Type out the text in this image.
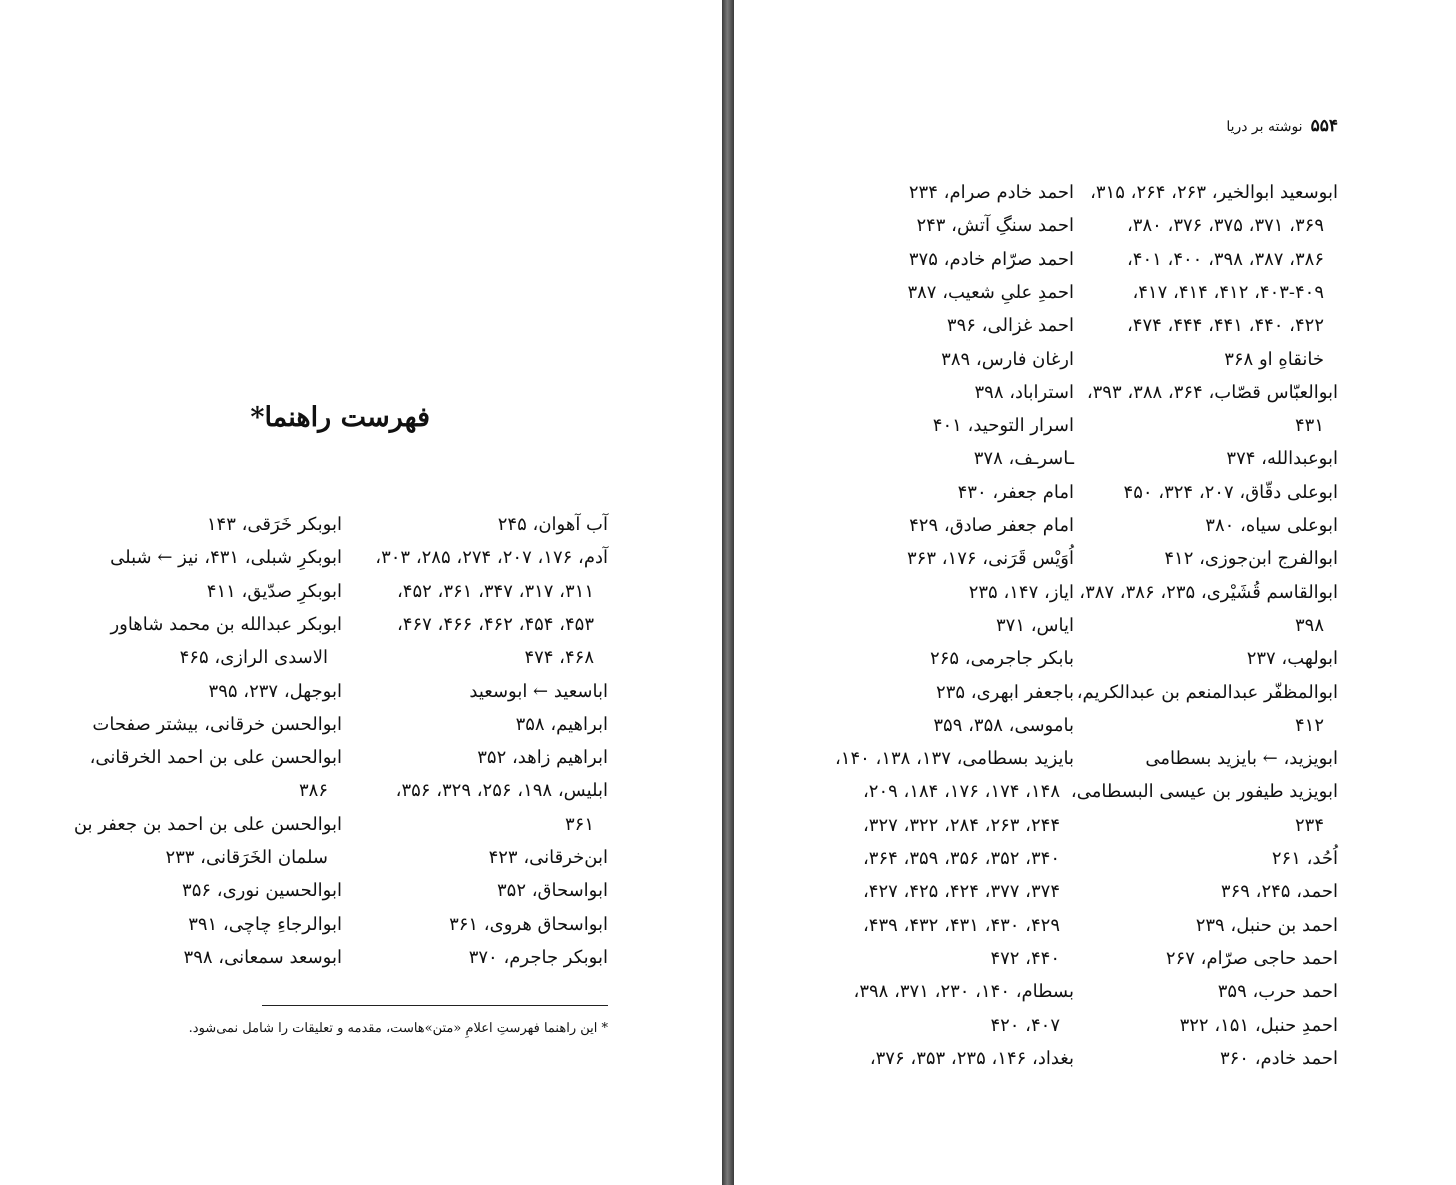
فهرست راهنما*
آب آهوان، ۲۴۵
آدم، ۱۷۶، ۲۰۷، ۲۷۴، ۲۸۵، ۳۰۳،
۳۱۱، ۳۱۷، ۳۴۷، ۳۶۱، ۴۵۲،
۴۵۳، ۴۵۴، ۴۶۲، ۴۶۶، ۴۶۷،
۴۶۸، ۴۷۴
اباسعید ← ابوسعید
ابراهیم، ۳۵۸
ابراهیم زاهد، ۳۵۲
ابلیس، ۱۹۸، ۲۵۶، ۳۲۹، ۳۵۶،
۳۶۱
ابن‌خرقانی، ۴۲۳
ابواسحاق، ۳۵۲
ابواسحاق هروی، ۳۶۱
ابوبکر جاجرم، ۳۷۰
ابوبکر خَرَقی، ۱۴۳
ابوبکرِ شبلی، ۴۳۱، نیز ← شبلی
ابوبکرِ صدّیق، ۴۱۱
ابوبکر عبدالله بن محمد شاهاور
الاسدی الرازی، ۴۶۵
ابوجهل، ۲۳۷، ۳۹۵
ابوالحسن خرقانی، بیشتر صفحات
ابوالحسن علی بن احمد الخرقانی،
۳۸۶
ابوالحسن علی بن احمد بن جعفر بن
سلمان الخَرَقانی، ۲۳۳
ابوالحسین نوری، ۳۵۶
ابوالرجاءِ چاچی، ۳۹۱
ابوسعد سمعانی، ۳۹۸
* این راهنما فهرستِ اعلامِ «متن»هاست، مقدمه و تعلیقات را شامل نمی‌شود.
۵۵۴نوشته بر دریا
ابوسعید ابوالخیر، ۲۶۳، ۲۶۴، ۳۱۵،
۳۶۹، ۳۷۱، ۳۷۵، ۳۷۶، ۳۸۰،
۳۸۶، ۳۸۷، ۳۹۸، ۴۰۰، ۴۰۱،
۴۰۳-۴۰۹، ۴۱۲، ۴۱۴، ۴۱۷،
۴۲۲، ۴۴۰، ۴۴۱، ۴۴۴، ۴۷۴،
خانقاهِ او ۳۶۸
ابوالعبّاس قصّاب، ۳۶۴، ۳۸۸، ۳۹۳،
۴۳۱
ابوعبدالله، ۳۷۴
ابوعلی دقّاق، ۲۰۷، ۳۲۴، ۴۵۰
ابوعلی سیاه، ۳۸۰
ابوالفرج ابن‌جوزی، ۴۱۲
ابوالقاسم قُشَیْری، ۲۳۵، ۳۸۶، ۳۸۷،
۳۹۸
ابولهب، ۲۳۷
ابوالمظفّر عبدالمنعم بن عبدالکریم،
۴۱۲
ابویزید، ← بایزید بسطامی
ابویزید طیفور بن عیسی البسطامی،
۲۳۴
اُحُد، ۲۶۱
احمد، ۲۴۵، ۳۶۹
احمد بن حنبل، ۲۳۹
احمد حاجی صرّام، ۲۶۷
احمد حرب، ۳۵۹
احمدِ حنبل، ۱۵۱، ۳۲۲
احمد خادم، ۳۶۰
احمد خادم صرام، ۲۳۴
احمد سنگِ آتش، ۲۴۳
احمد صرّام خادم، ۳۷۵
احمدِ علیِ شعیب، ۳۸۷
احمد غزالی، ۳۹۶
ارغان فارس، ۳۸۹
استراباد، ۳۹۸
اسرار التوحید، ۴۰۱
ـاسرـف، ۳۷۸
امام جعفر، ۴۳۰
امام جعفر صادق، ۴۲۹
اُوَیْس قَرَنی، ۱۷۶، ۳۶۳
ایاز، ۱۴۷، ۲۳۵
ایاس، ۳۷۱
بابکر جاجرمی، ۲۶۵
باجعفر ابهری، ۲۳۵
باموسی، ۳۵۸، ۳۵۹
بایزید بسطامی، ۱۳۷، ۱۳۸، ۱۴۰،
۱۴۸، ۱۷۴، ۱۷۶، ۱۸۴، ۲۰۹،
۲۴۴، ۲۶۳، ۲۸۴، ۳۲۲، ۳۲۷،
۳۴۰، ۳۵۲، ۳۵۶، ۳۵۹، ۳۶۴،
۳۷۴، ۳۷۷، ۴۲۴، ۴۲۵، ۴۲۷،
۴۲۹، ۴۳۰، ۴۳۱، ۴۳۲، ۴۳۹،
۴۴۰، ۴۷۲
بسطام، ۱۴۰، ۲۳۰، ۳۷۱، ۳۹۸،
۴۰۷، ۴۲۰
بغداد، ۱۴۶، ۲۳۵، ۳۵۳، ۳۷۶،
